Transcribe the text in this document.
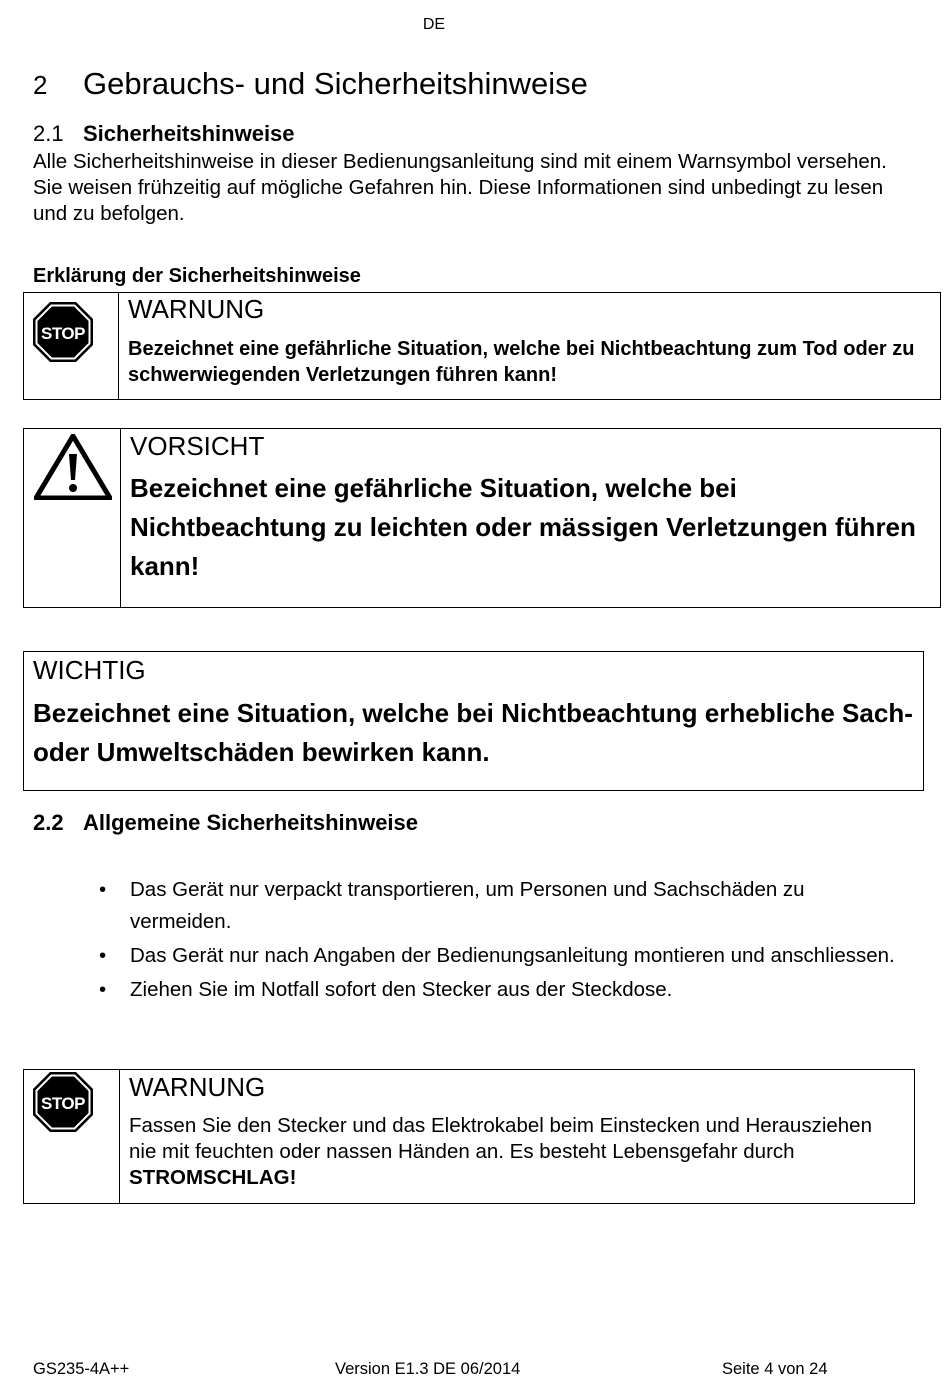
DE
2 Gebrauchs- und Sicherheitshinweise
2.1 Sicherheitshinweise

Alle Sicherheitshinweise in dieser Bedienungsanleitung sind mit einem Warnsymbol versehen. Sie weisen frühzeitig auf mögliche Gefahren hin. Diese Informationen sind unbedingt zu lesen und zu befolgen.

Erklärung der Sicherheitshinweise
STOP
WARNUNG
Bezeichnet eine gefährliche Situation, welche bei Nichtbeachtung zum Tod oder zu schwerwiegenden Verletzungen führen kann!
VORSICHT
Bezeichnet eine gefährliche Situation, welche bei Nichtbeachtung zu leichten oder mässigen Verletzungen führen kann!
WICHTIG
Bezeichnet eine Situation, welche bei Nichtbeachtung erhebliche Sach- oder Umweltschäden bewirken kann.
2.2 Allgemeine Sicherheitshinweise
• Das Gerät nur verpackt transportieren, um Personen und Sachschäden zu vermeiden.
• Das Gerät nur nach Angaben der Bedienungsanleitung montieren und anschliessen.
• Ziehen Sie im Notfall sofort den Stecker aus der Steckdose.
STOP
WARNUNG
Fassen Sie den Stecker und das Elektrokabel beim Einstecken und Herausziehen nie mit feuchten oder nassen Händen an. Es besteht Lebensgefahr durch STROMSCHLAG!
GS235-4A++	Version E1.3 DE 06/2014	Seite 4 von 24
